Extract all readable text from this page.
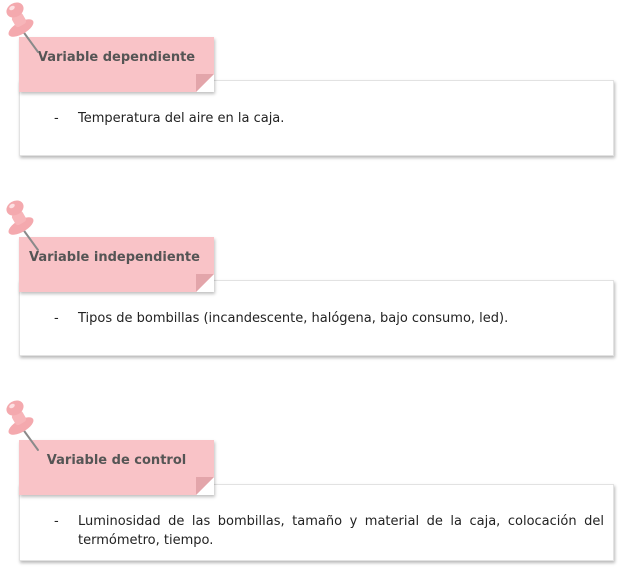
- Temperatura del aire en la caja.
Variable dependiente
- Tipos de bombillas (incandescente, halógena, bajo consumo, led).
Variable independiente
- Luminosidad de las bombillas, tamaño y material de la caja, colocación del termómetro, tiempo.
Variable de control
